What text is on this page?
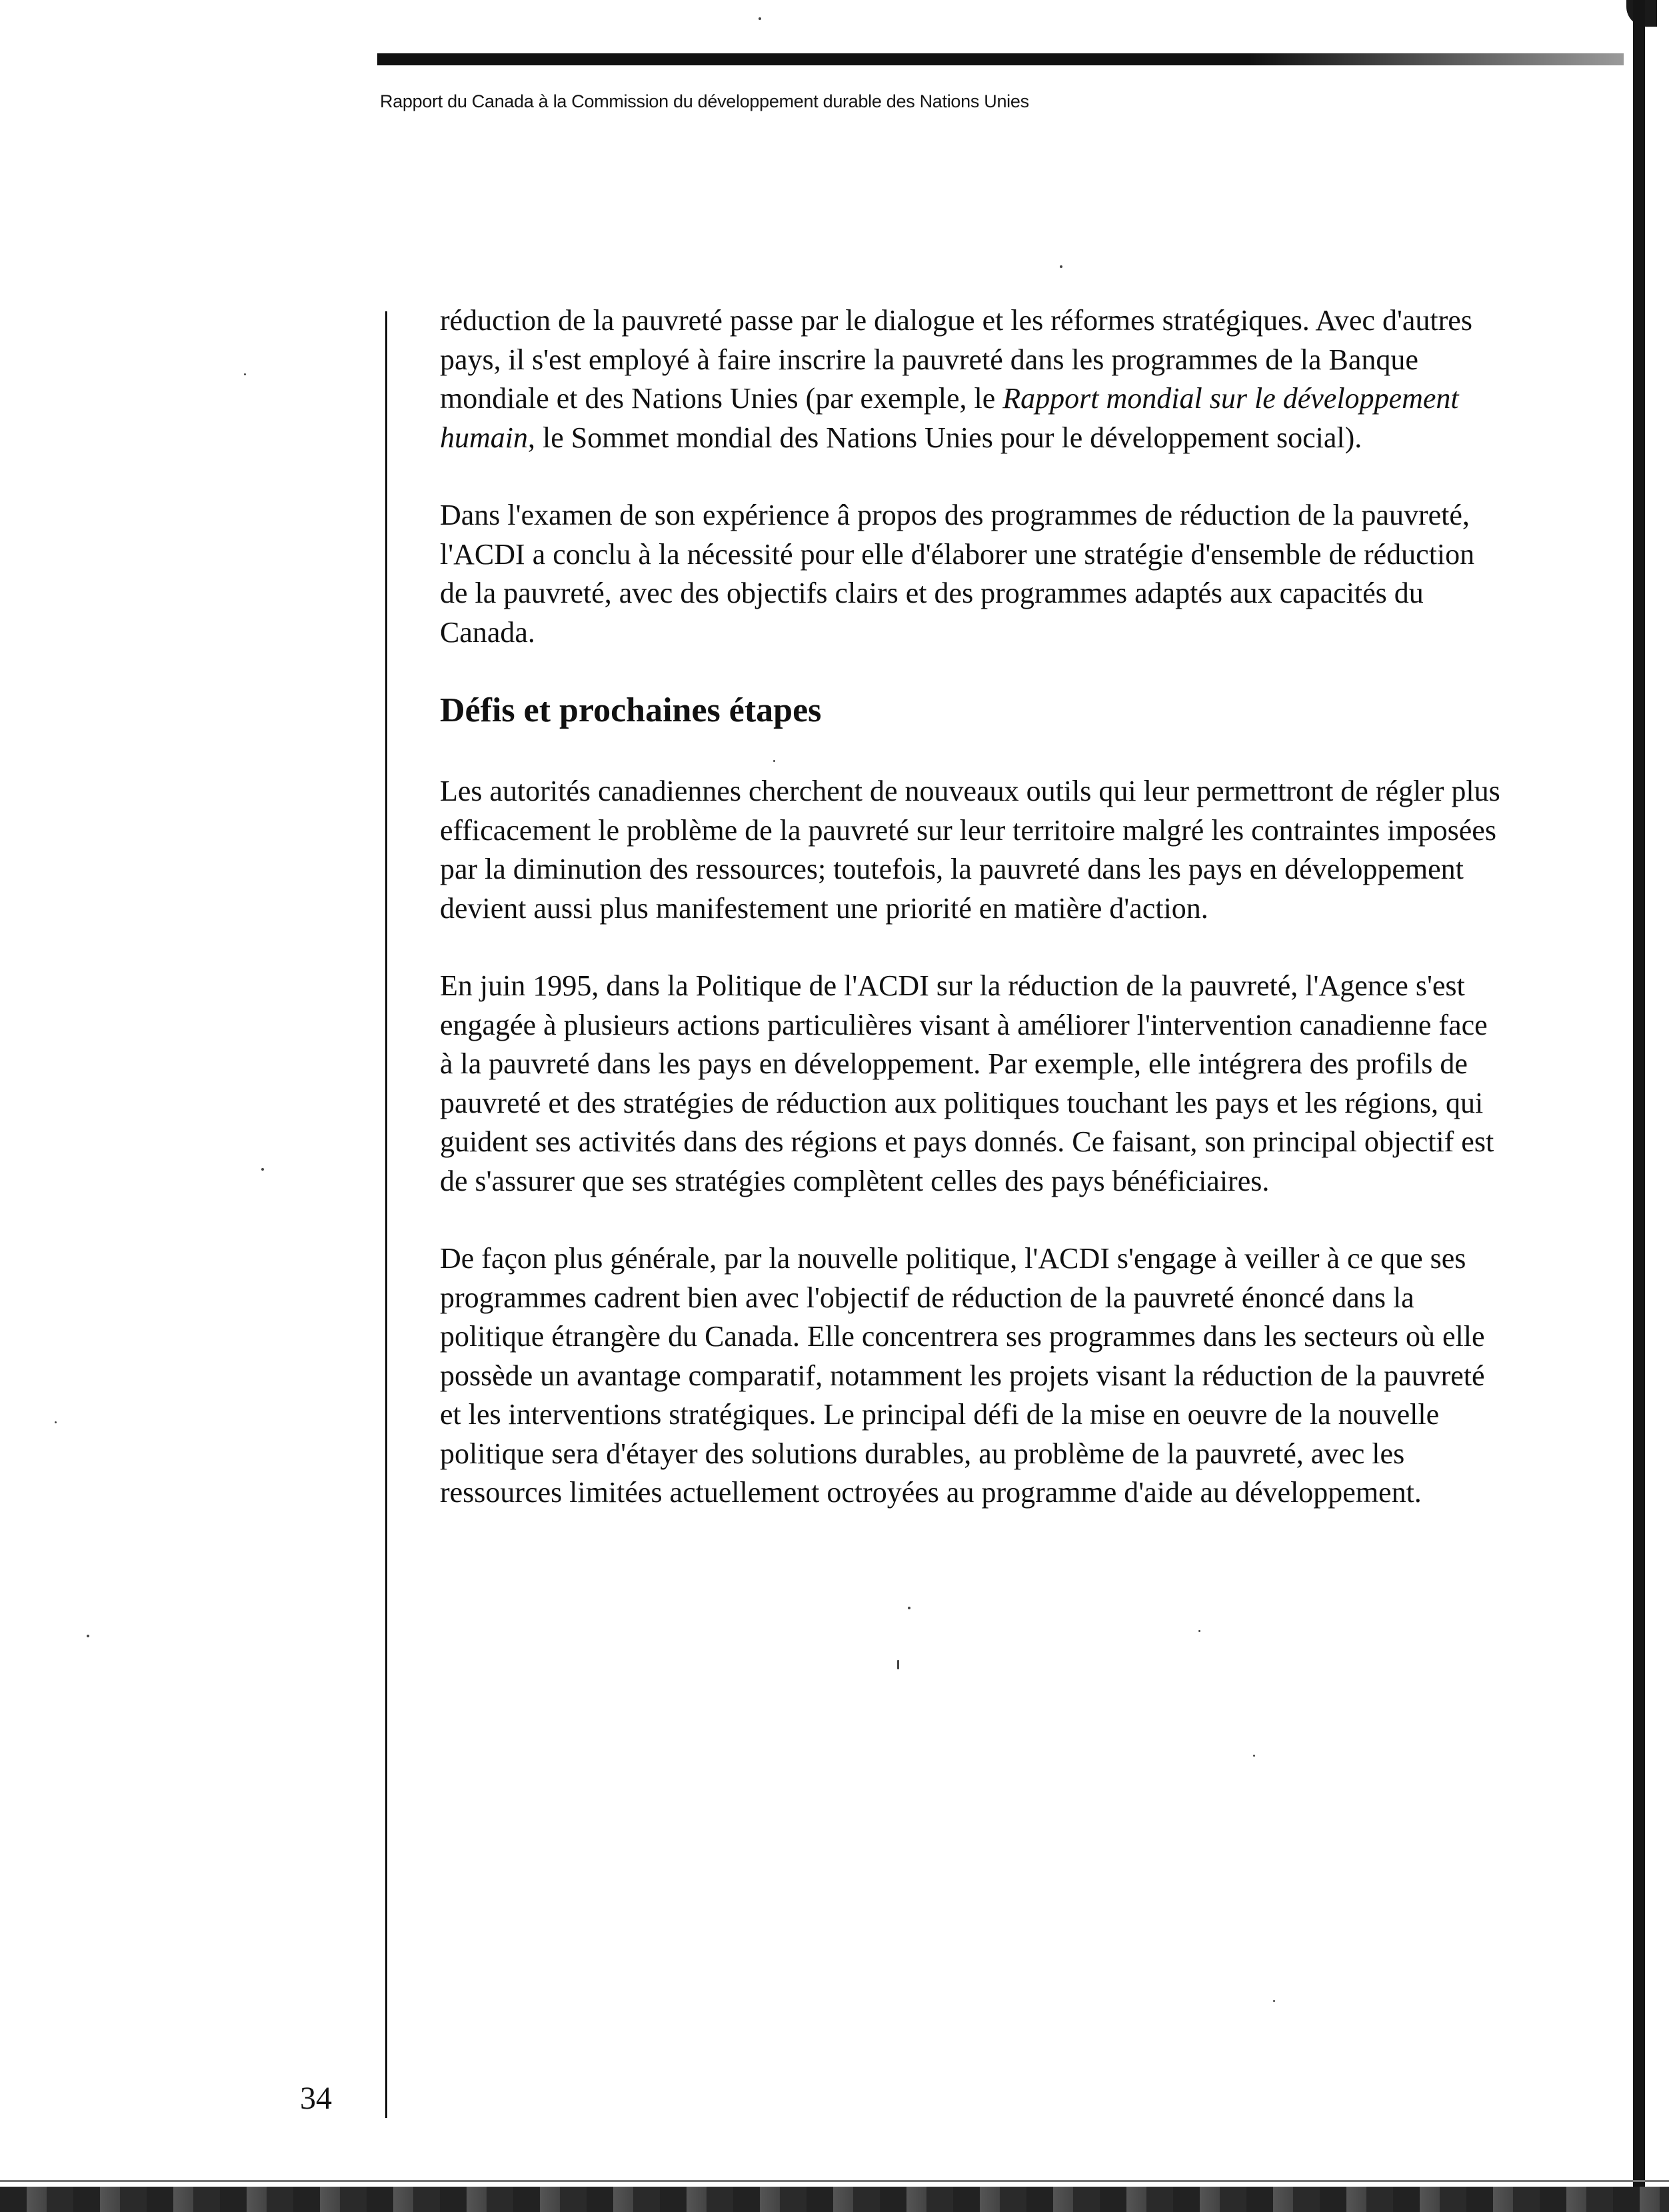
Rapport du Canada à la Commission du développement durable des Nations Unies
34

réduction de la pauvreté passe par le dialogue et les réformes stratégiques. Avec d'autres
pays, il s'est employé à faire inscrire la pauvreté dans les programmes de la Banque
mondiale et des Nations Unies (par exemple, le Rapport mondial sur le développement
humain, le Sommet mondial des Nations Unies pour le développement social).

Dans l'examen de son expérience â propos des programmes de réduction de la pauvreté,
l'ACDI a conclu à la nécessité pour elle d'élaborer une stratégie d'ensemble de réduction
de la pauvreté, avec des objectifs clairs et des programmes adaptés aux capacités du
Canada.

Défis et prochaines étapes

Les autorités canadiennes cherchent de nouveaux outils qui leur permettront de régler plus
efficacement le problème de la pauvreté sur leur territoire malgré les contraintes imposées
par la diminution des ressources; toutefois, la pauvreté dans les pays en développement
devient aussi plus manifestement une priorité en matière d'action.

En juin 1995, dans la Politique de l'ACDI sur la réduction de la pauvreté, l'Agence s'est
engagée à plusieurs actions particulières visant à améliorer l'intervention canadienne face
à la pauvreté dans les pays en développement. Par exemple, elle intégrera des profils de
pauvreté et des stratégies de réduction aux politiques touchant les pays et les régions, qui
guident ses activités dans des régions et pays donnés. Ce faisant, son principal objectif est
de s'assurer que ses stratégies complètent celles des pays bénéficiaires.

De façon plus générale, par la nouvelle politique, l'ACDI s'engage à veiller à ce que ses
programmes cadrent bien avec l'objectif de réduction de la pauvreté énoncé dans la
politique étrangère du Canada. Elle concentrera ses programmes dans les secteurs où elle
possède un avantage comparatif, notamment les projets visant la réduction de la pauvreté
et les interventions stratégiques. Le principal défi de la mise en oeuvre de la nouvelle
politique sera d'étayer des solutions durables, au problème de la pauvreté, avec les
ressources limitées actuellement octroyées au programme d'aide au développement.
